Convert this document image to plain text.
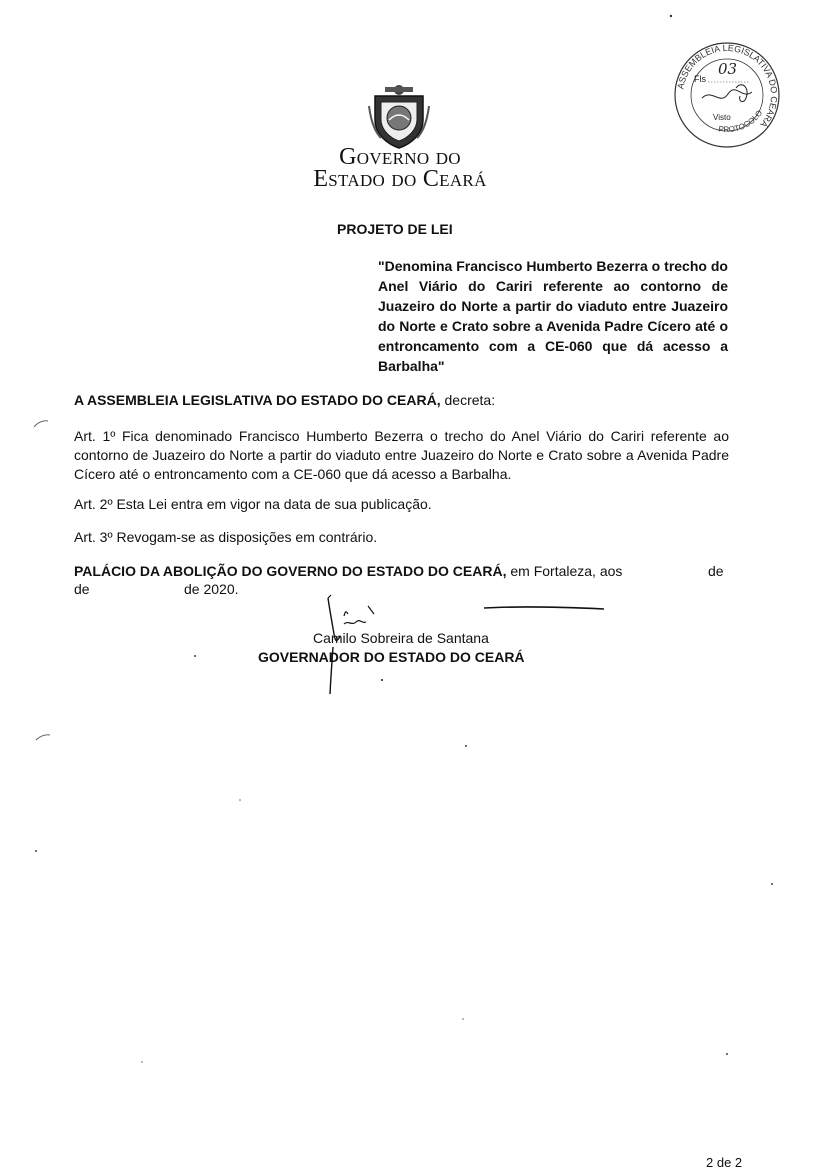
ASSEMBLEIA LEGISLATIVA DO CEARÁ
PROTOCOLO
Fls
03
Visto
Governo do
Estado do Ceará
PROJETO DE LEI
"Denomina Francisco Humberto Bezerra o trecho do Anel Viário do Cariri referente ao contorno de Juazeiro do Norte a partir do viaduto entre Juazeiro do Norte e Crato sobre a Avenida Padre Cícero até o entroncamento com a CE-060 que dá acesso a Barbalha"
A ASSEMBLEIA LEGISLATIVA DO ESTADO DO CEARÁ, decreta:
Art. 1º Fica denominado Francisco Humberto Bezerra o trecho do Anel Viário do Cariri referente ao contorno de Juazeiro do Norte a partir do viaduto entre Juazeiro do Norte e Crato sobre a Avenida Padre Cícero até o entroncamento com a CE-060 que dá acesso a Barbalha.
Art. 2º Esta Lei entra em vigor na data de sua publicação.
Art. 3º Revogam-se as disposições em contrário.
PALÁCIO DA ABOLIÇÃO DO GOVERNO DO ESTADO DO CEARÁ, em Fortaleza, aos	de
de	de 2020.
Camilo Sobreira de Santana
GOVERNADOR DO ESTADO DO CEARÁ
2 de 2
